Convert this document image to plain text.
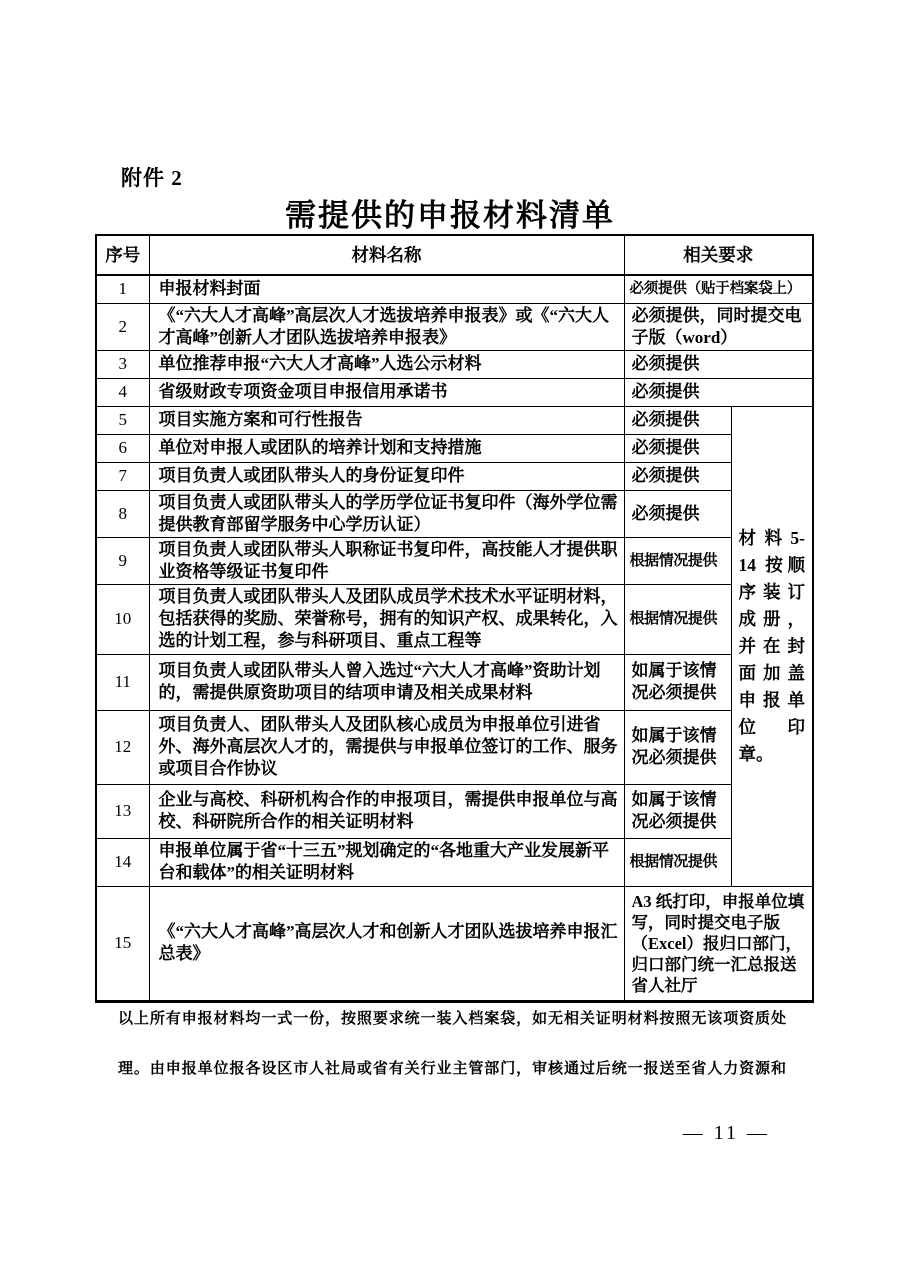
附件 2
需提供的申报材料清单
序号	材料名称	相关要求	
1	申报材料封面	必须提供（贴于档案袋上）	
2	《“六大人才高峰”高层次人才选拔培养申报表》或《“六大人才高峰”创新人才团队选拔培养申报表》	必须提供，同时提交电子版（word）	
3	单位推荐申报“六大人才高峰”人选公示材料	必须提供	
4	省级财政专项资金项目申报信用承诺书	必须提供	
5	项目实施方案和可行性报告	必须提供	材 料 5-14 按顺序装订成册，并在封面加盖申报单位印章。
6	单位对申报人或团队的培养计划和支持措施	必须提供	
7	项目负责人或团队带头人的身份证复印件	必须提供	
8	项目负责人或团队带头人的学历学位证书复印件（海外学位需提供教育部留学服务中心学历认证）	必须提供	
9	项目负责人或团队带头人职称证书复印件，高技能人才提供职业资格等级证书复印件	根据情况提供	
10	项目负责人或团队带头人及团队成员学术技术水平证明材料，包括获得的奖励、荣誉称号，拥有的知识产权、成果转化，入选的计划工程，参与科研项目、重点工程等	根据情况提供	
11	项目负责人或团队带头人曾入选过“六大人才高峰”资助计划的，需提供原资助项目的结项申请及相关成果材料	如属于该情况必须提供	
12	项目负责人、团队带头人及团队核心成员为申报单位引进省外、海外高层次人才的，需提供与申报单位签订的工作、服务或项目合作协议	如属于该情况必须提供	
13	企业与高校、科研机构合作的申报项目，需提供申报单位与高校、科研院所合作的相关证明材料	如属于该情况必须提供	
14	申报单位属于省“十三五”规划确定的“各地重大产业发展新平台和载体”的相关证明材料	根据情况提供	
15	《“六大人才高峰”高层次人才和创新人才团队选拔培养申报汇总表》	A3 纸打印，申报单位填写，同时提交电子版（Excel）报归口部门，归口部门统一汇总报送省人社厅	
以上所有申报材料均一式一份，按照要求统一装入档案袋，如无相关证明材料按照无该项资质处
理。由申报单位报各设区市人社局或省有关行业主管部门，审核通过后统一报送至省人力资源和
— 11 —
